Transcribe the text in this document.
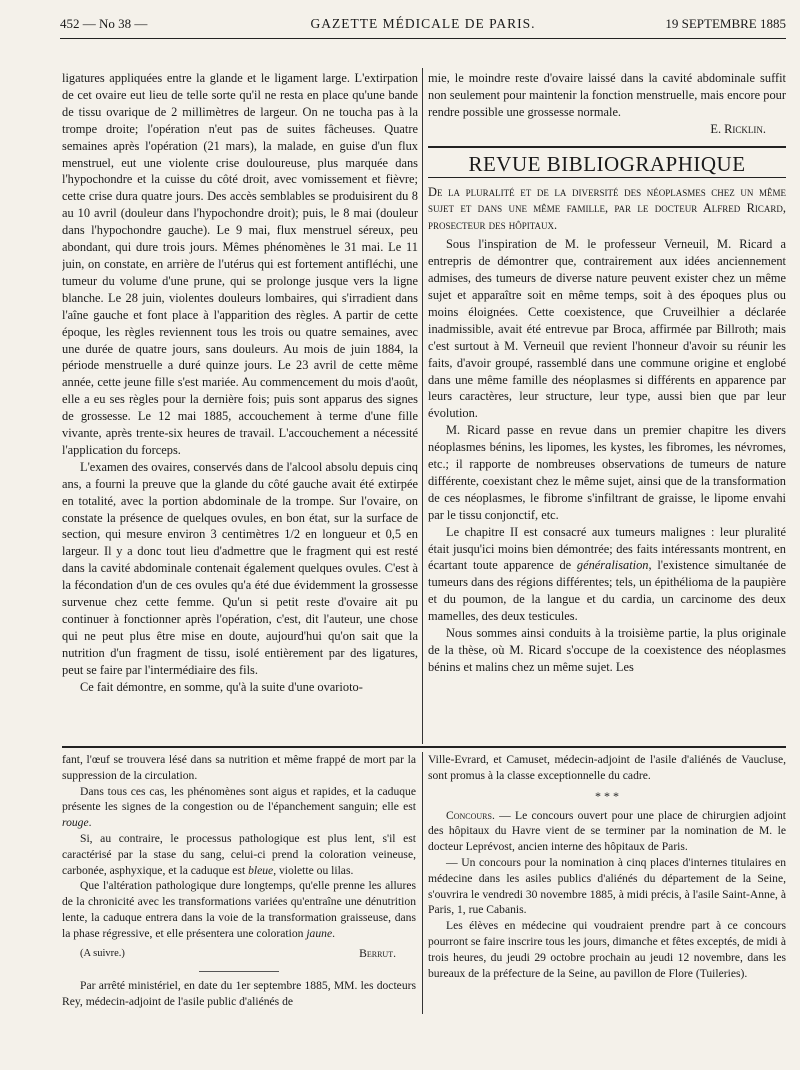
452 — No 38 —	GAZETTE MÉDICALE DE PARIS.	19 SEPTEMBRE 1885

ligatures appliquées entre la glande et le ligament large. L'extirpation de cet ovaire eut lieu de telle sorte qu'il ne resta en place qu'une bande de tissu ovarique de 2 millimètres de largeur. On ne toucha pas à la trompe droite; l'opération n'eut pas de suites fâcheuses. Quatre semaines après l'opération (21 mars), la malade, en guise d'un flux menstruel, eut une violente crise douloureuse, plus marquée dans l'hypochondre et la cuisse du côté droit, avec vomissement et fièvre; cette crise dura quatre jours. Des accès semblables se produisirent du 8 au 10 avril (douleur dans l'hypochondre droit); puis, le 8 mai (douleur dans l'hypochondre gauche). Le 9 mai, flux menstruel séreux, peu abondant, qui dure trois jours. Mêmes phénomènes le 31 mai. Le 11 juin, on constate, en arrière de l'utérus qui est fortement antifléchi, une tumeur du volume d'une prune, qui se prolonge jusque vers la ligne blanche. Le 28 juin, violentes douleurs lombaires, qui s'irradient dans l'aîne gauche et font place à l'apparition des règles. A partir de cette époque, les règles reviennent tous les trois ou quatre semaines, avec une durée de quatre jours, sans douleurs. Au mois de juin 1884, la période menstruelle a duré quinze jours. Le 23 avril de cette même année, cette jeune fille s'est mariée. Au commencement du mois d'août, elle a eu ses règles pour la dernière fois; puis sont apparus des signes de grossesse. Le 12 mai 1885, accouchement à terme d'une fille vivante, après trente-six heures de travail. L'accouchement a nécessité l'application du forceps.

L'examen des ovaires, conservés dans de l'alcool absolu depuis cinq ans, a fourni la preuve que la glande du côté gauche avait été extirpée en totalité, avec la portion abdominale de la trompe. Sur l'ovaire, on constate la présence de quelques ovules, en bon état, sur la surface de section, qui mesure environ 3 centimètres 1/2 en longueur et 0,5 en largeur. Il y a donc tout lieu d'admettre que le fragment qui est resté dans la cavité abdominale contenait également quelques ovules. C'est à la fécondation d'un de ces ovules qu'a été due évidemment la grossesse survenue chez cette femme. Qu'un si petit reste d'ovaire ait pu continuer à fonctionner après l'opération, c'est, dit l'auteur, une chose qui ne peut plus être mise en doute, aujourd'hui qu'on sait que la nutrition d'un fragment de tissu, isolé entièrement par des ligatures, peut se faire par l'intermédiaire des fils.

Ce fait démontre, en somme, qu'à la suite d'une ovarioto-

mie, le moindre reste d'ovaire laissé dans la cavité abdominale suffit non seulement pour maintenir la fonction menstruelle, mais encore pour rendre possible une grossesse normale.

E. Ricklin.

REVUE BIBLIOGRAPHIQUE

De la pluralité et de la diversité des néoplasmes chez un même sujet et dans une même famille, par le docteur Alfred Ricard, prosecteur des hôpitaux.

Sous l'inspiration de M. le professeur Verneuil, M. Ricard a entrepris de démontrer que, contrairement aux idées anciennement admises, des tumeurs de diverse nature peuvent exister chez un même sujet et apparaître soit en même temps, soit à des époques plus ou moins éloignées. Cette coexistence, que Cruveilhier a déclarée inadmissible, avait été entrevue par Broca, affirmée par Billroth; mais c'est surtout à M. Verneuil que revient l'honneur d'avoir su réunir les faits, d'avoir groupé, rassemblé dans une commune origine et englobé dans une même famille des néoplasmes si différents en apparence par leurs caractères, leur structure, leur type, aussi bien que par leur évolution.

M. Ricard passe en revue dans un premier chapitre les divers néoplasmes bénins, les lipomes, les kystes, les fibromes, les névromes, etc.; il rapporte de nombreuses observations de tumeurs de nature différente, coexistant chez le même sujet, ainsi que de la transformation de ces néoplasmes, le fibrome s'infiltrant de graisse, le lipome envahi par le tissu conjonctif, etc.

Le chapitre II est consacré aux tumeurs malignes : leur pluralité était jusqu'ici moins bien démontrée; des faits intéressants montrent, en écartant toute apparence de généralisation, l'existence simultanée de tumeurs dans des régions différentes; tels, un épithélioma de la paupière et du poumon, de la langue et du cardia, un carcinome des deux mamelles, des deux testicules.

Nous sommes ainsi conduits à la troisième partie, la plus originale de la thèse, où M. Ricard s'occupe de la coexistence des néoplasmes bénins et malins chez un même sujet. Les

fant, l'œuf se trouvera lésé dans sa nutrition et même frappé de mort par la suppression de la circulation.

Dans tous ces cas, les phénomènes sont aigus et rapides, et la caduque présente les signes de la congestion ou de l'épanchement sanguin; elle est rouge.

Si, au contraire, le processus pathologique est plus lent, s'il est caractérisé par la stase du sang, celui-ci prend la coloration veineuse, carbonée, asphyxique, et la caduque est bleue, violette ou lilas.

Que l'altération pathologique dure longtemps, qu'elle prenne les allures de la chronicité avec les transformations variées qu'entraîne une dénutrition lente, la caduque entrera dans la voie de la transformation graisseuse, dans la phase régressive, et elle présentera une coloration jaune.

(A suivre.)	Berrut.

Par arrêté ministériel, en date du 1er septembre 1885, MM. les docteurs Rey, médecin-adjoint de l'asile public d'aliénés de

Ville-Evrard, et Camuset, médecin-adjoint de l'asile d'aliénés de Vaucluse, sont promus à la classe exceptionnelle du cadre.

* * *

Concours. — Le concours ouvert pour une place de chirurgien adjoint des hôpitaux du Havre vient de se terminer par la nomination de M. le docteur Leprévost, ancien interne des hôpitaux de Paris.

— Un concours pour la nomination à cinq places d'internes titulaires en médecine dans les asiles publics d'aliénés du département de la Seine, s'ouvrira le vendredi 30 novembre 1885, à midi précis, à l'asile Saint-Anne, à Paris, 1, rue Cabanis.

Les élèves en médecine qui voudraient prendre part à ce concours pourront se faire inscrire tous les jours, dimanche et fêtes exceptés, de midi à trois heures, du jeudi 29 octobre prochain au jeudi 12 novembre, dans les bureaux de la préfecture de la Seine, au pavillon de Flore (Tuileries).
